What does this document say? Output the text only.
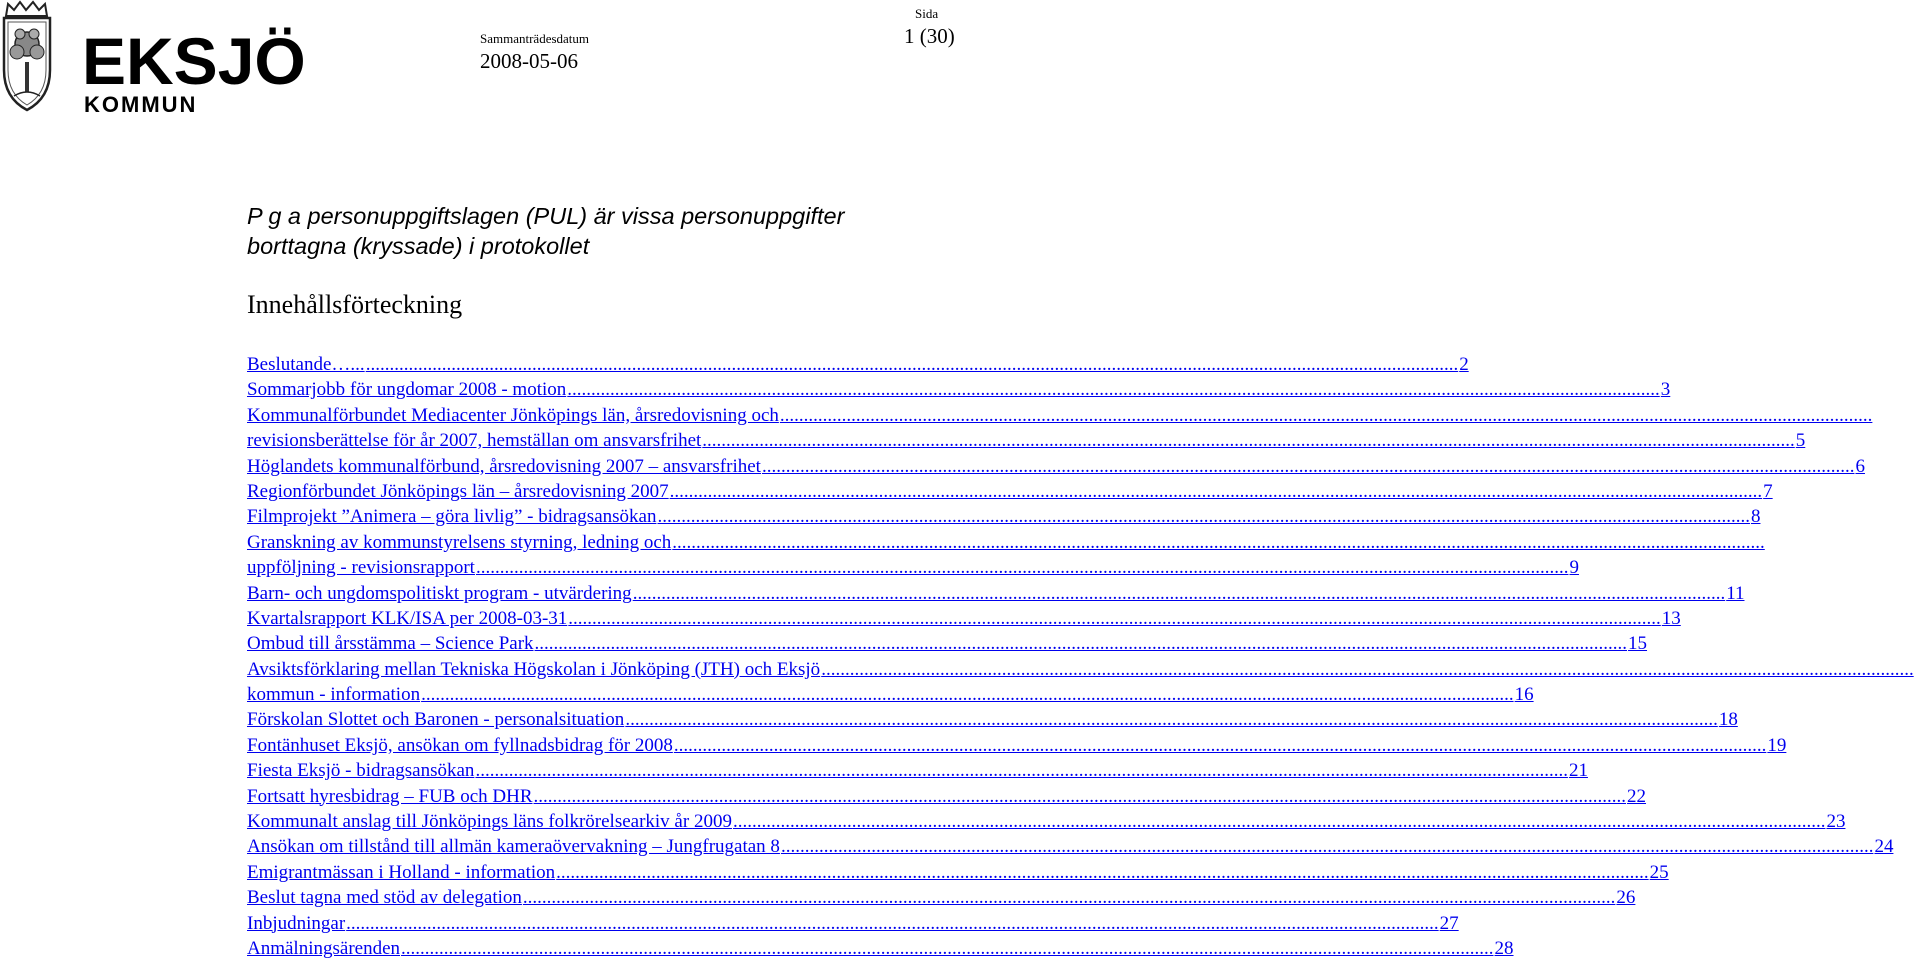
EKSJÖ
KOMMUN
Sammanträdesdatum
2008-05-06
Sida
1 (30)
P g a personuppgiftslagen (PUL) är vissa personuppgifter
borttagna (kryssade) i protokollet
Innehållsförteckning
Beslutande…... .....	2
Sommarjobb för ungdomar 2008 - motion .....	3
Kommunalförbundet Mediacenter Jönköpings län, årsredovisning och
.....
revisionsberättelse för år 2007, hemställan om ansvarsfrihet .....	5
Höglandets kommunalförbund, årsredovisning 2007 – ansvarsfrihet .....	6
Regionförbundet Jönköpings län – årsredovisning 2007 .....	7
Filmprojekt ”Animera – göra livlig” - bidragsansökan .....	8
Granskning av kommunstyrelsens styrning, ledning och
.....
uppföljning - revisionsrapport .....	9
Barn- och ungdomspolitiskt program - utvärdering .....	11
Kvartalsrapport KLK/ISA per 2008-03-31 .....	13
Ombud till årsstämma – Science Park .....	15
Avsiktsförklaring mellan Tekniska Högskolan i Jönköping (JTH) och Eksjö
.....
kommun - information .....	16
Förskolan Slottet och Baronen - personalsituation .....	18
Fontänhuset Eksjö, ansökan om fyllnadsbidrag för 2008 .....	19
Fiesta Eksjö - bidragsansökan .....	21
Fortsatt hyresbidrag – FUB och DHR .....	22
Kommunalt anslag till Jönköpings läns folkrörelsearkiv år 2009 .....	23
Ansökan om tillstånd till allmän kameraövervakning – Jungfrugatan 8 .....	24
Emigrantmässan i Holland - information .....	25
Beslut tagna med stöd av delegation .....	26
Inbjudningar .....	27
Anmälningsärenden .....	28
